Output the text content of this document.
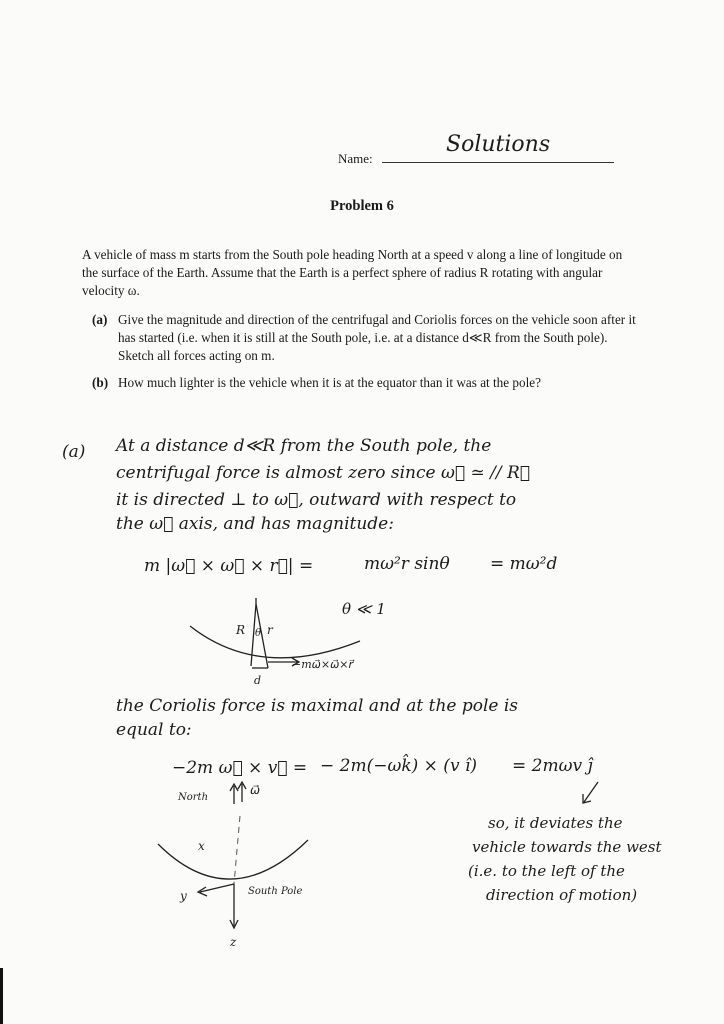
Name:
Solutions
Problem 6
A vehicle of mass m starts from the South pole heading North at a speed v along a line of longitude on the surface of the Earth. Assume that the Earth is a perfect sphere of radius R rotating with angular velocity ω.
(a) Give the magnitude and direction of the centrifugal and Coriolis forces on the vehicle soon after it has started (i.e. when it is still at the South pole, i.e. at a distance d≪R from the South pole). Sketch all forces acting on m.
(b) How much lighter is the vehicle when it is at the equator than it was at the pole?
(a) At a distance d≪R from the South pole, the
centrifugal force is almost zero since ω⃗ ≃ // R⃗
it is directed ⊥ to ω⃗, outward with respect to
the ω⃗ axis, and has magnitude:
m |ω⃗ × ω⃗ × r⃗| =	mω²r sinθ = mω²d
θ ≪ 1
R θ r
d
−mω⃗×ω⃗×r⃗
the Coriolis force is maximal and at the pole is
equal to:
−2m ω⃗ × v⃗ = − 2m(−ωk̂) × (v î) = 2mωv ĵ
North
ω⃗
x
y	South Pole
z
so, it deviates the
vehicle towards the west
(i.e. to the left of the
direction of motion)
